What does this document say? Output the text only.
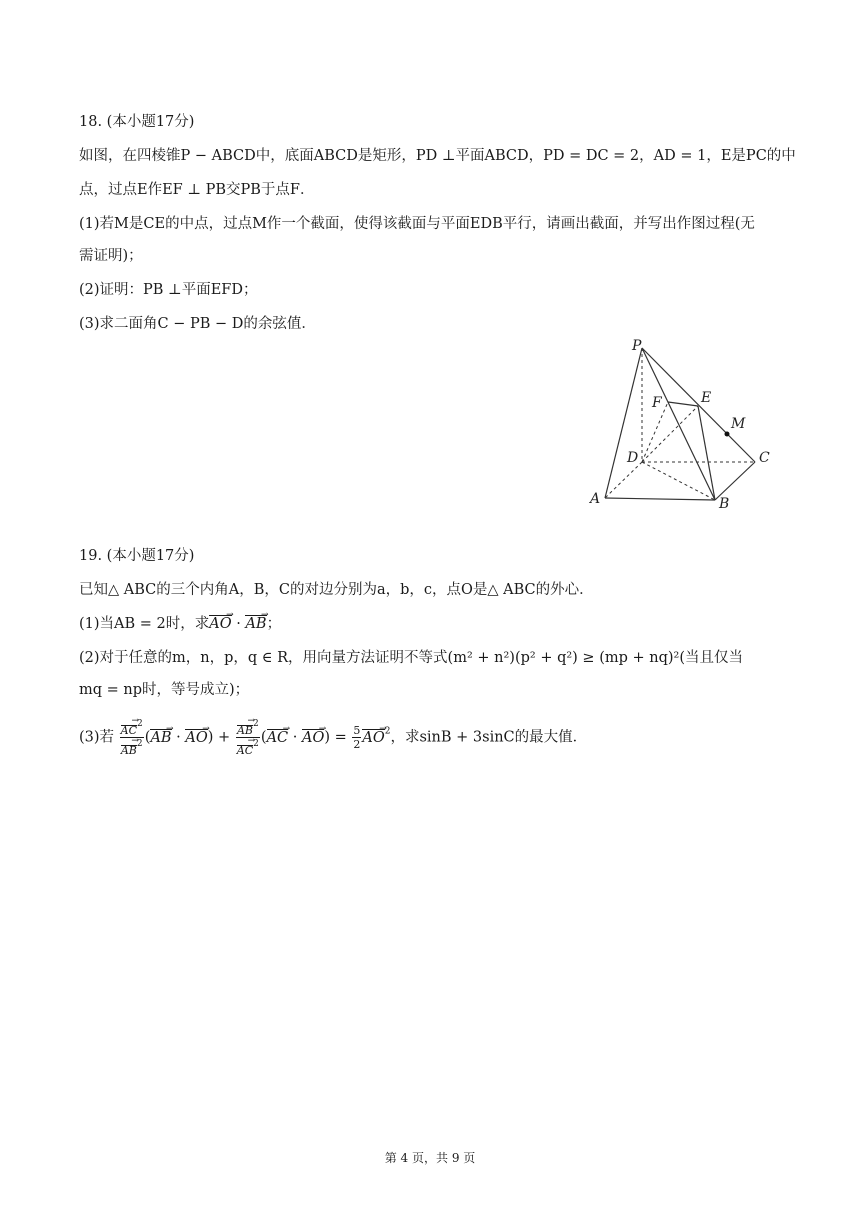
18. (本小题17分)
如图，在四棱锥P − ABCD中，底面ABCD是矩形，PD ⊥平面ABCD，PD = DC = 2，AD = 1，E是PC的中
点，过点E作EF ⊥ PB交PB于点F．
(1)若M是CE的中点，过点M作一个截面，使得该截面与平面EDB平行，请画出截面，并写出作图过程(无
需证明)；
(2)证明：PB ⊥平面EFD；
(3)求二面角C − PB − D的余弦值．
P
F	E
M
C
D
A	B
19. (本小题17分)
已知△ ABC的三个内角A，B，C的对边分别为a，b，c，点O是△ ABC的外心．
(1)当AB = 2时，求AO → · AB →；
(2)对于任意的m，n，p，q ∈ R，用向量方法证明不等式(m² + n²)(p² + q²) ≥ (mp + nq)²(当且仅当
mq = np时，等号成立)；
(3)若 $\frac{AC \to^2}{AB \to^2} (AB$ → · AO →) + $\frac{AB \to^2}{AC \to^2} (AC$ → · AO →) = $\frac{5}{2}$ AO →$^2$，求sinB + 3sinC的最大值．
第 4 页，共 9 页
